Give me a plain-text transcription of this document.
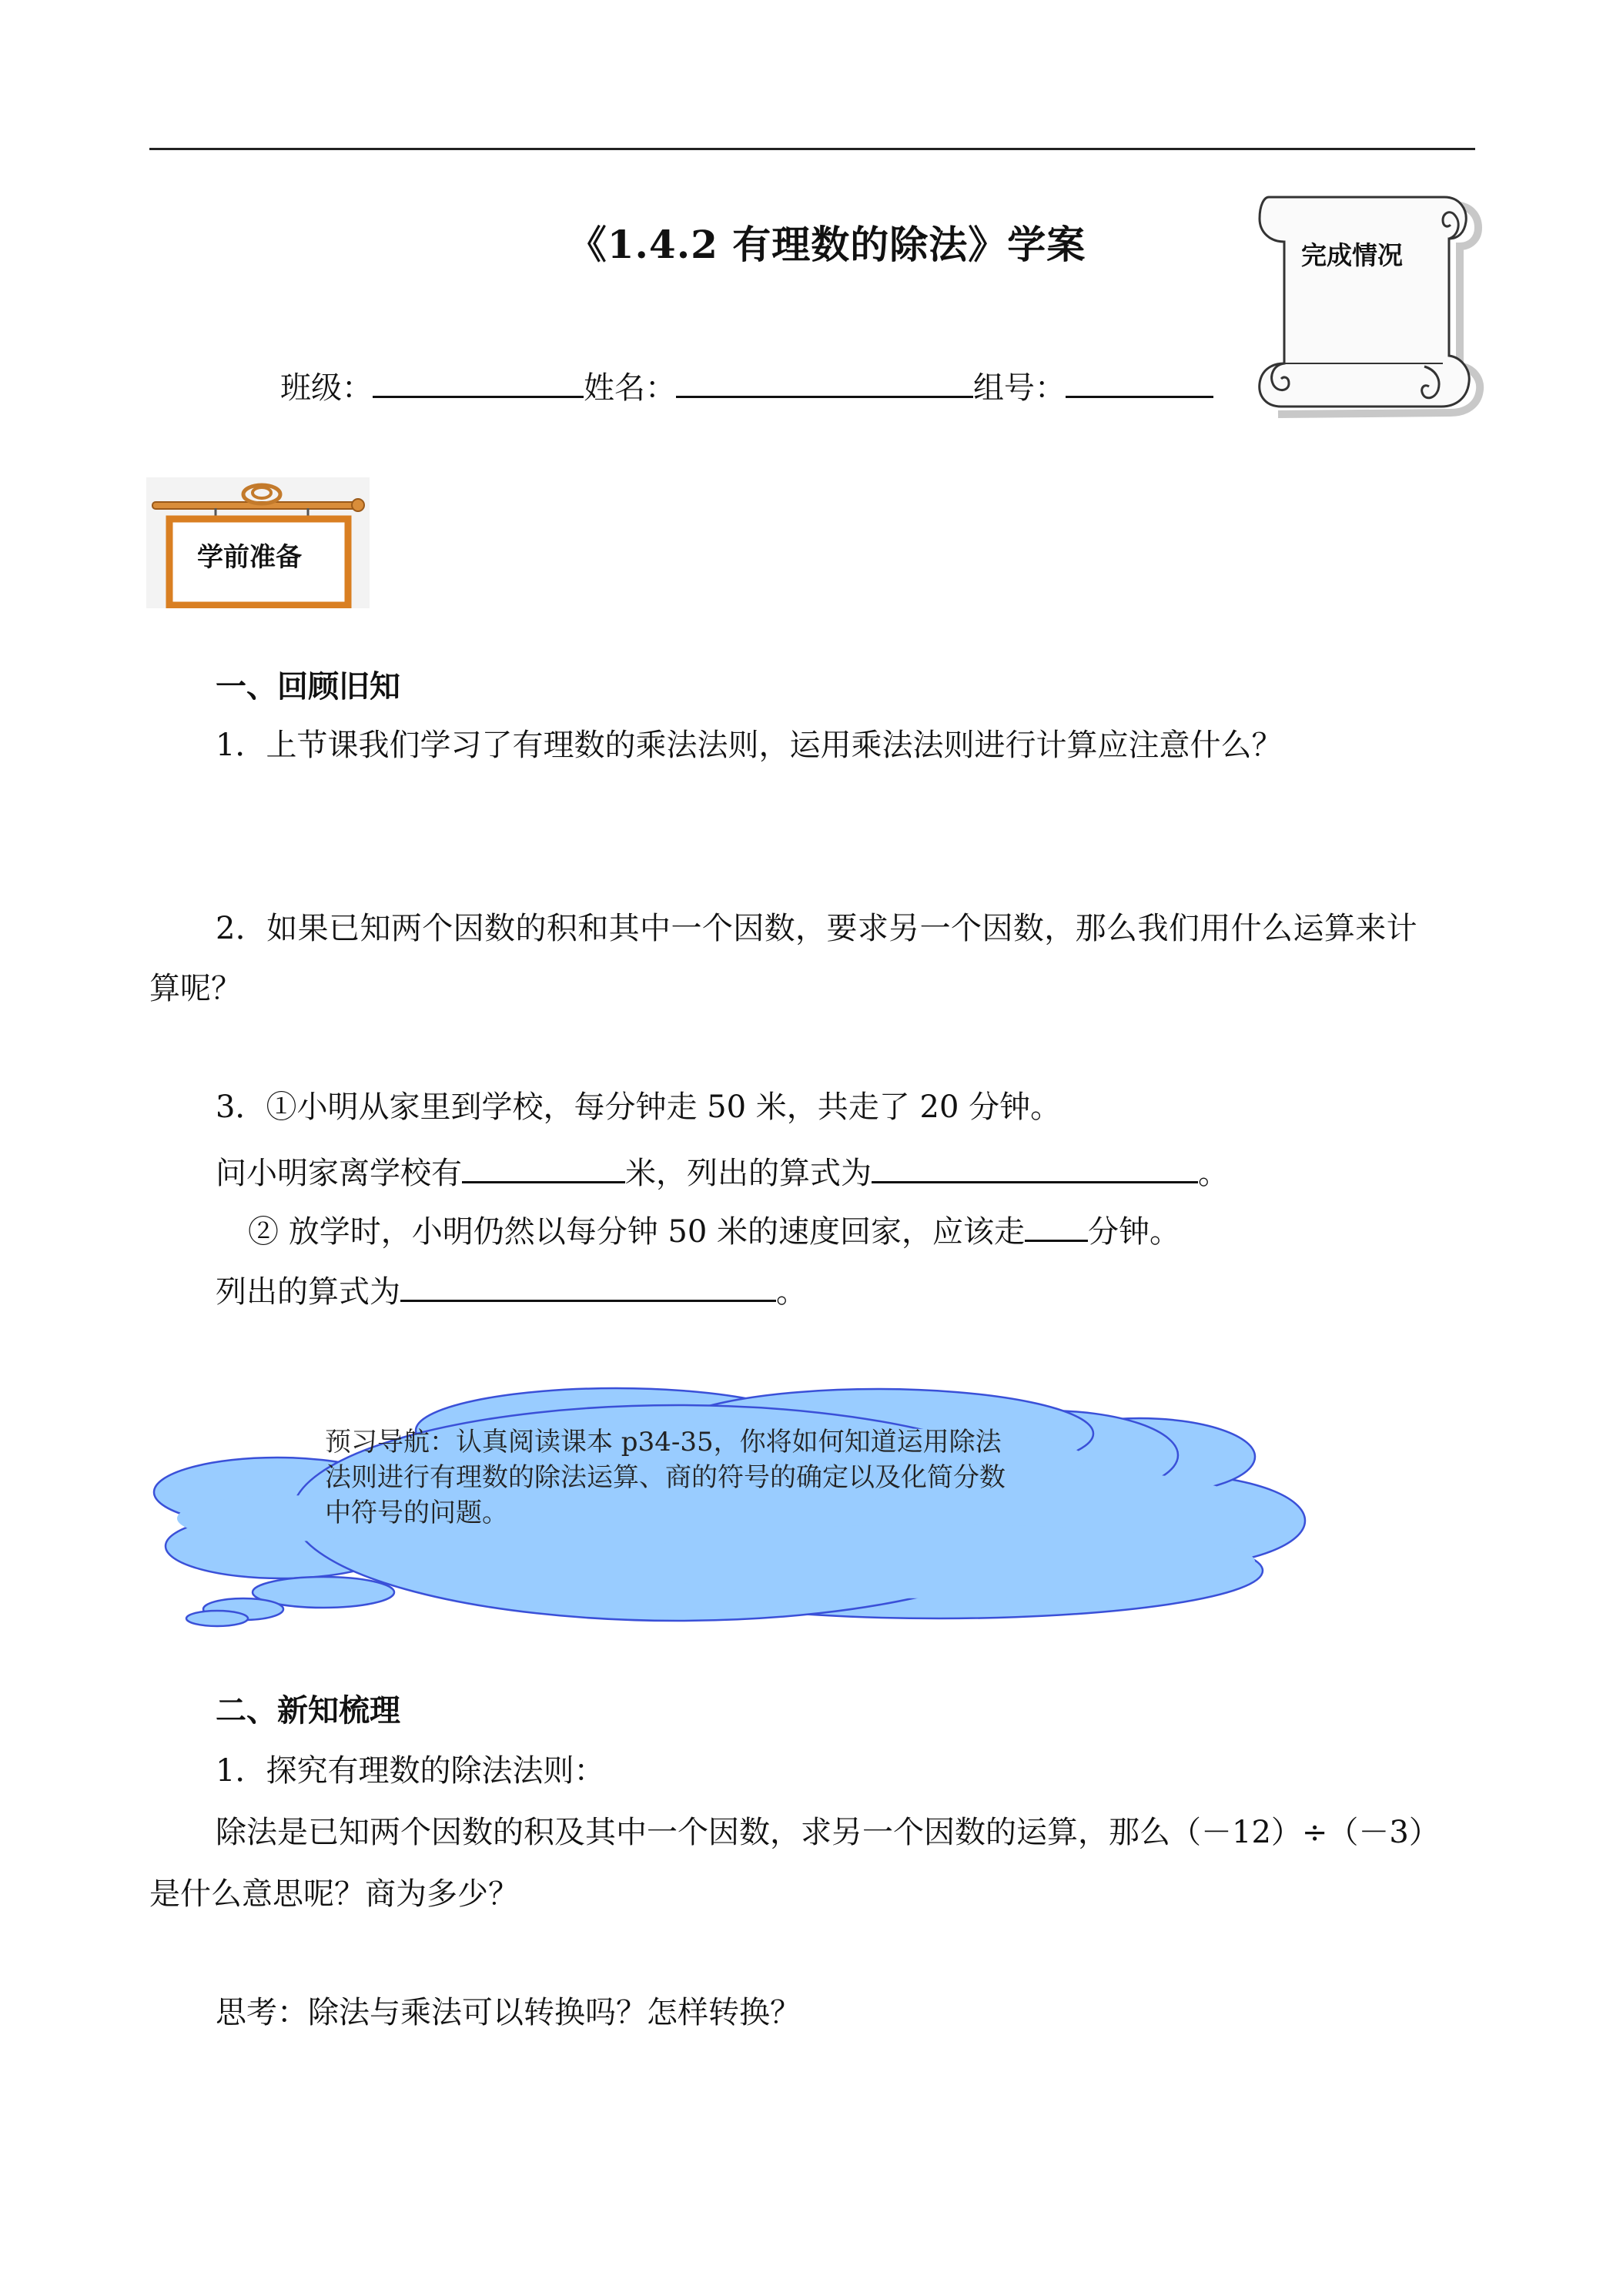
《1.4.2 有理数的除法》学案	完成情况
班级：	姓名：	组号：
学前准备
一、回顾旧知
1．上节课我们学习了有理数的乘法法则，运用乘法法则进行计算应注意什么？
2．如果已知两个因数的积和其中一个因数，要求另一个因数，那么我们用什么运算来计
算呢？
3．①小明从家里到学校，每分钟走 50 米，共走了 20 分钟。
问小明家离学校有	米，列出的算式为	。
② 放学时，小明仍然以每分钟 50 米的速度回家，应该走 分钟。
列出的算式为	。
预习导航：认真阅读课本 p34-35，你将如何知道运用除法
法则进行有理数的除法运算、商的符号的确定以及化简分数
中符号的问题。
二、新知梳理
1．探究有理数的除法法则：
除法是已知两个因数的积及其中一个因数，求另一个因数的运算，那么（－12）÷（－3）
是什么意思呢？商为多少？
思考：除法与乘法可以转换吗？怎样转换？
